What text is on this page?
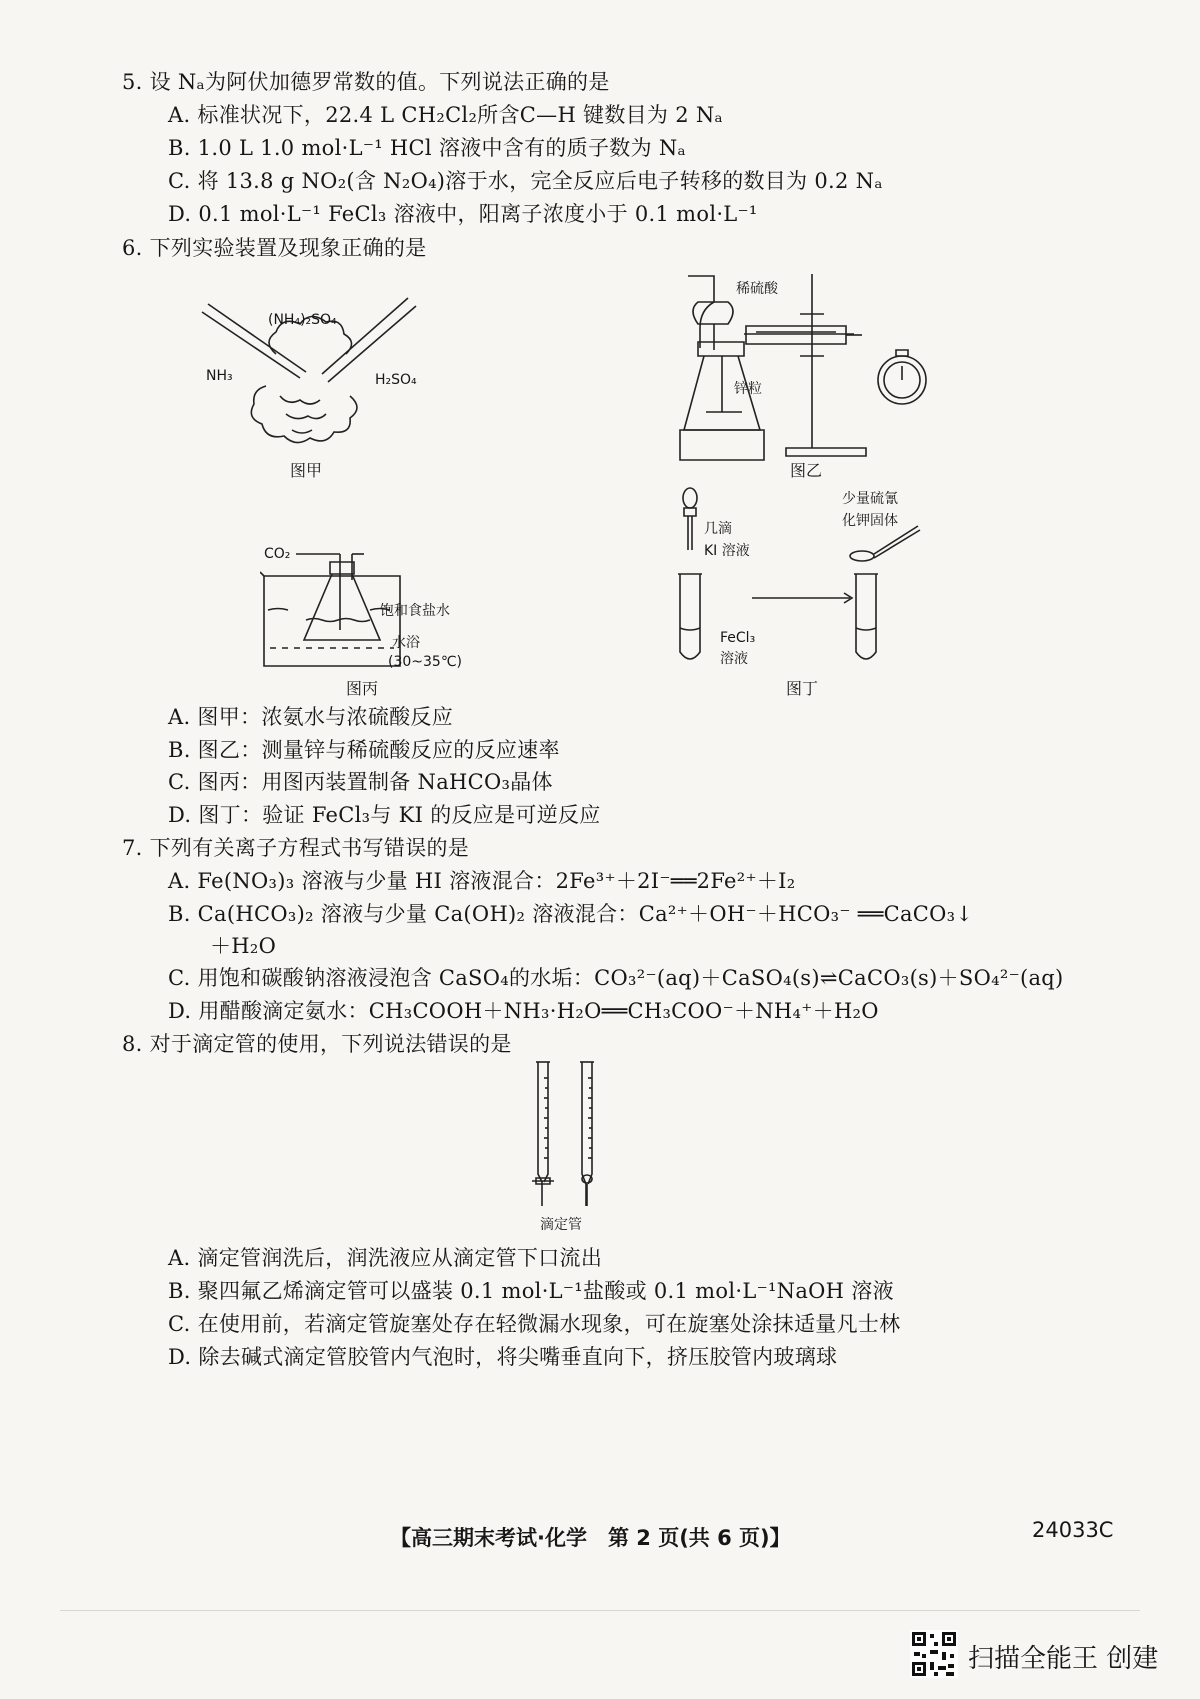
5. 设 Nₐ为阿伏加德罗常数的值。下列说法正确的是
A. 标准状况下，22.4 L CH₂Cl₂所含C—H 键数目为 2 Nₐ
B. 1.0 L 1.0 mol·L⁻¹ HCl 溶液中含有的质子数为 Nₐ
C. 将 13.8 g NO₂(含 N₂O₄)溶于水，完全反应后电子转移的数目为 0.2 Nₐ
D. 0.1 mol·L⁻¹ FeCl₃ 溶液中，阳离子浓度小于 0.1 mol·L⁻¹
6. 下列实验装置及现象正确的是
(NH₄)₂SO₄
NH₃	H₂SO₄
图甲
稀硫酸
锌粒
图乙
CO₂
饱和食盐水
水浴
(30~35℃)
图丙
几滴
KI 溶液
少量硫氰
化钾固体
FeCl₃
溶液
图丁
A. 图甲：浓氨水与浓硫酸反应
B. 图乙：测量锌与稀硫酸反应的反应速率
C. 图丙：用图丙装置制备 NaHCO₃晶体
D. 图丁：验证 FeCl₃与 KI 的反应是可逆反应
7. 下列有关离子方程式书写错误的是
A. Fe(NO₃)₃ 溶液与少量 HI 溶液混合：2Fe³⁺＋2I⁻══2Fe²⁺＋I₂
B. Ca(HCO₃)₂ 溶液与少量 Ca(OH)₂ 溶液混合：Ca²⁺＋OH⁻＋HCO₃⁻ ══CaCO₃↓
＋H₂O
C. 用饱和碳酸钠溶液浸泡含 CaSO₄的水垢：CO₃²⁻(aq)＋CaSO₄(s)⇌CaCO₃(s)＋SO₄²⁻(aq)
D. 用醋酸滴定氨水：CH₃COOH＋NH₃·H₂O══CH₃COO⁻＋NH₄⁺＋H₂O
8. 对于滴定管的使用，下列说法错误的是
滴定管
A. 滴定管润洗后，润洗液应从滴定管下口流出
B. 聚四氟乙烯滴定管可以盛装 0.1 mol·L⁻¹盐酸或 0.1 mol·L⁻¹NaOH 溶液
C. 在使用前，若滴定管旋塞处存在轻微漏水现象，可在旋塞处涂抹适量凡士林
D. 除去碱式滴定管胶管内气泡时，将尖嘴垂直向下，挤压胶管内玻璃球
【高三期末考试·化学　第 2 页(共 6 页)】	24033C
扫描全能王 创建
